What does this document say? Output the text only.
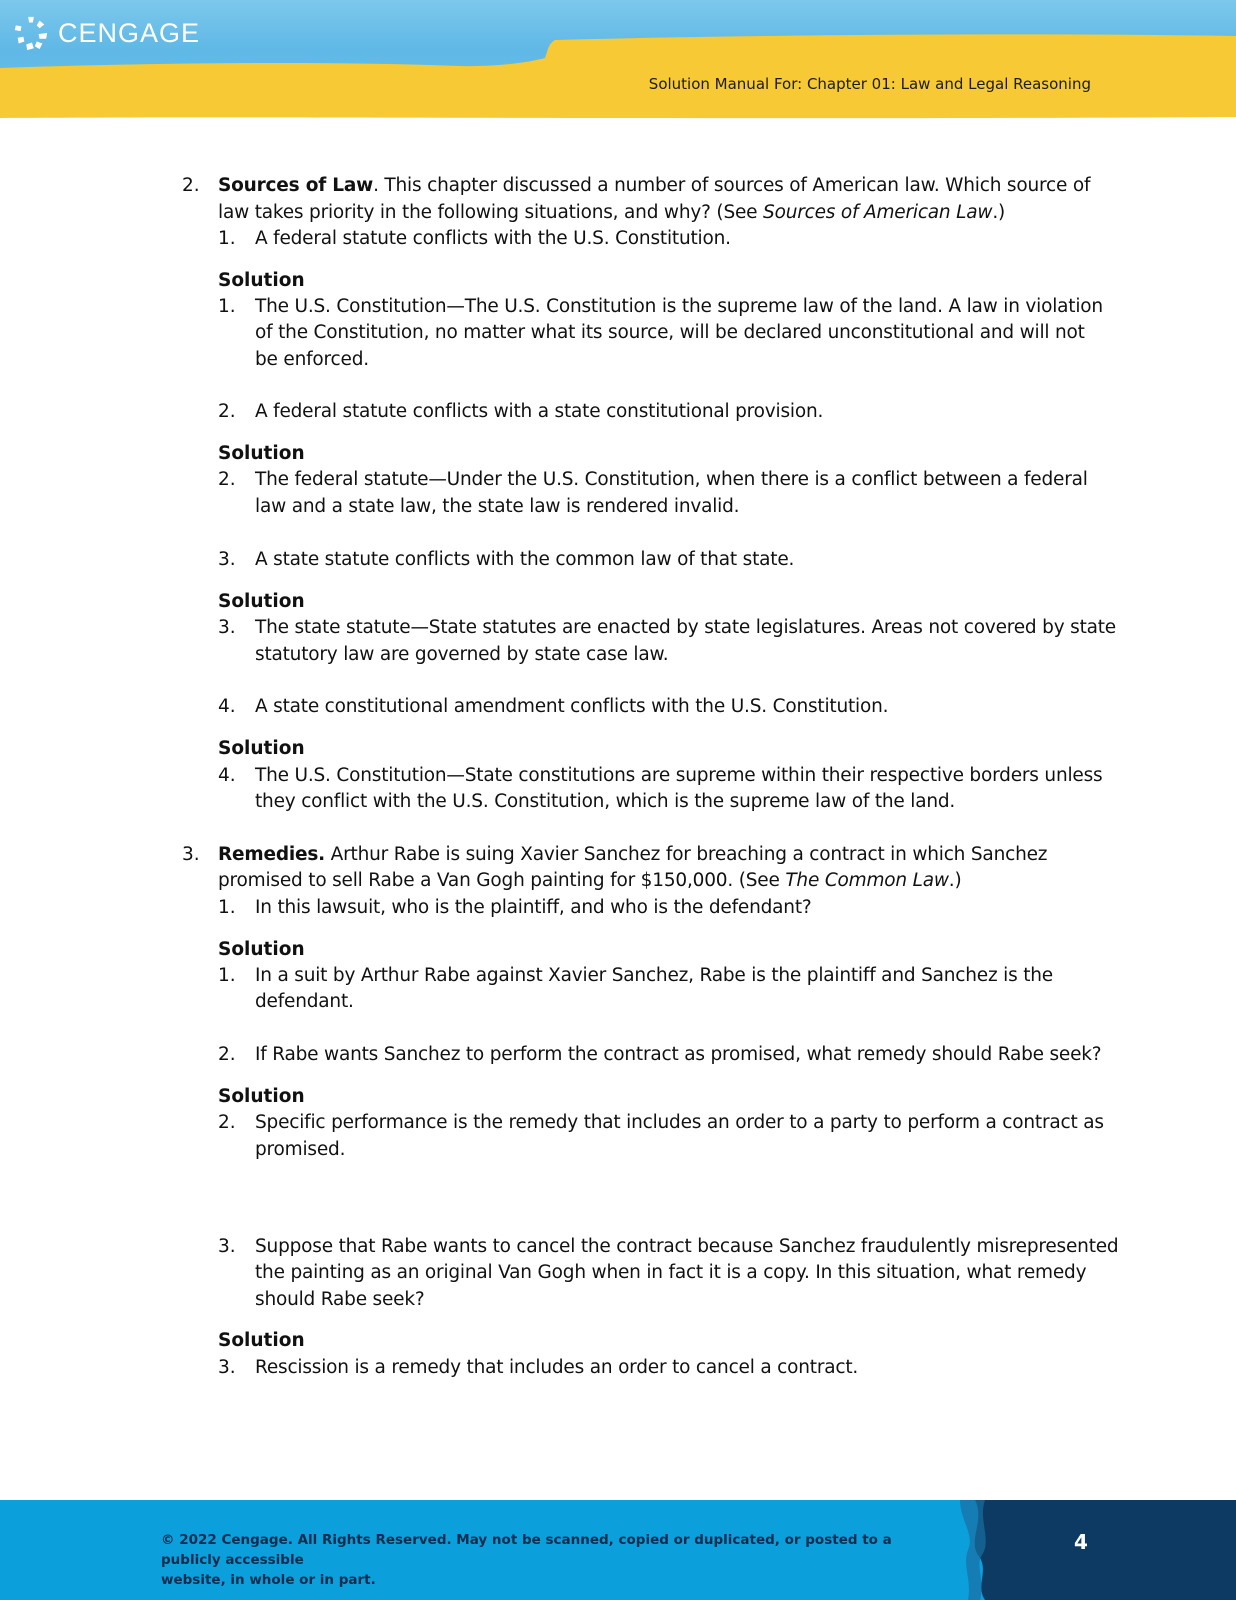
CENGAGE
Solution Manual For: Chapter 01: Law and Legal Reasoning
2. Sources of Law. This chapter discussed a number of sources of American law. Which source of
law takes priority in the following situations, and why? (See Sources of American Law.)
1. A federal statute conflicts with the U.S. Constitution.
Solution
1. The U.S. Constitution—The U.S. Constitution is the supreme law of the land. A law in violation
of the Constitution, no matter what its source, will be declared unconstitutional and will not
be enforced.
2. A federal statute conflicts with a state constitutional provision.
Solution
2. The federal statute—Under the U.S. Constitution, when there is a conflict between a federal
law and a state law, the state law is rendered invalid.
3. A state statute conflicts with the common law of that state.
Solution
3. The state statute—State statutes are enacted by state legislatures. Areas not covered by state
statutory law are governed by state case law.
4. A state constitutional amendment conflicts with the U.S. Constitution.
Solution
4. The U.S. Constitution—State constitutions are supreme within their respective borders unless
they conflict with the U.S. Constitution, which is the supreme law of the land.
3. Remedies. Arthur Rabe is suing Xavier Sanchez for breaching a contract in which Sanchez
promised to sell Rabe a Van Gogh painting for $150,000. (See The Common Law.)
1. In this lawsuit, who is the plaintiff, and who is the defendant?
Solution
1. In a suit by Arthur Rabe against Xavier Sanchez, Rabe is the plaintiff and Sanchez is the
defendant.
2. If Rabe wants Sanchez to perform the contract as promised, what remedy should Rabe seek?
Solution
2. Specific performance is the remedy that includes an order to a party to perform a contract as
promised.
3. Suppose that Rabe wants to cancel the contract because Sanchez fraudulently misrepresented
the painting as an original Van Gogh when in fact it is a copy. In this situation, what remedy
should Rabe seek?
Solution
3. Rescission is a remedy that includes an order to cancel a contract.
© 2022 Cengage. All Rights Reserved. May not be scanned, copied or duplicated, or posted to a publicly accessible
website, in whole or in part.
4
